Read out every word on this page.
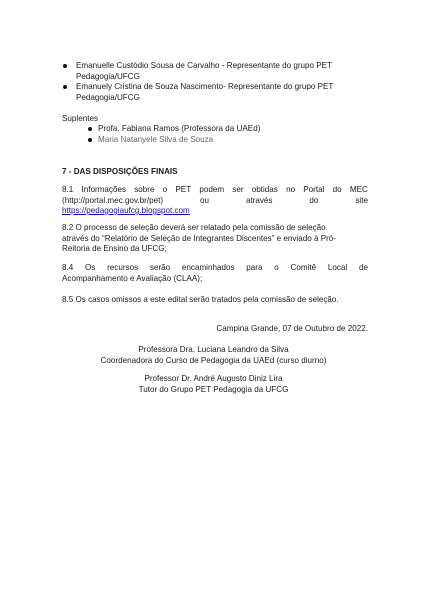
Emanuelle Custódio Sousa de Carvalho - Representante do grupo PET
Pedagogia/UFCG
Emanuely Cristina de Souza Nascimento- Representante do grupo PET
Pedagogia/UFCG
Suplentes
Profa. Fabiana Ramos (Professora da UAEd)
Maria Natanyele Silva de Souza
7 - DAS DISPOSIÇÕES FINAIS
8.1 Informações sobre o PET podem ser obtidas no Portal do MEC
(http://portal.mec.gov.br/pet)	ou	através	do	site
https://pedagogiaufcg.blogspot.com
8.2 O processo de seleção deverá ser relatado pela comissão de seleção
através do “Relatório de Seleção de Integrantes Discentes” e enviado à Pró-
Reitoria de Ensino da UFCG;
8.4 Os recursos serão encaminhados para o Comitê Local de
Acompanhamento e Avaliação (CLAA);
8.5 Os casos omissos a este edital serão tratados pela comissão de seleção.
Campina Grande, 07 de Outubro de 2022.
Professora Dra. Luciana Leandro da Silva
Coordenadora do Curso de Pedagogia da UAEd (curso diurno)
Professor Dr. André Augusto Diniz Lira
Tutor do Grupo PET Pedagogia da UFCG
